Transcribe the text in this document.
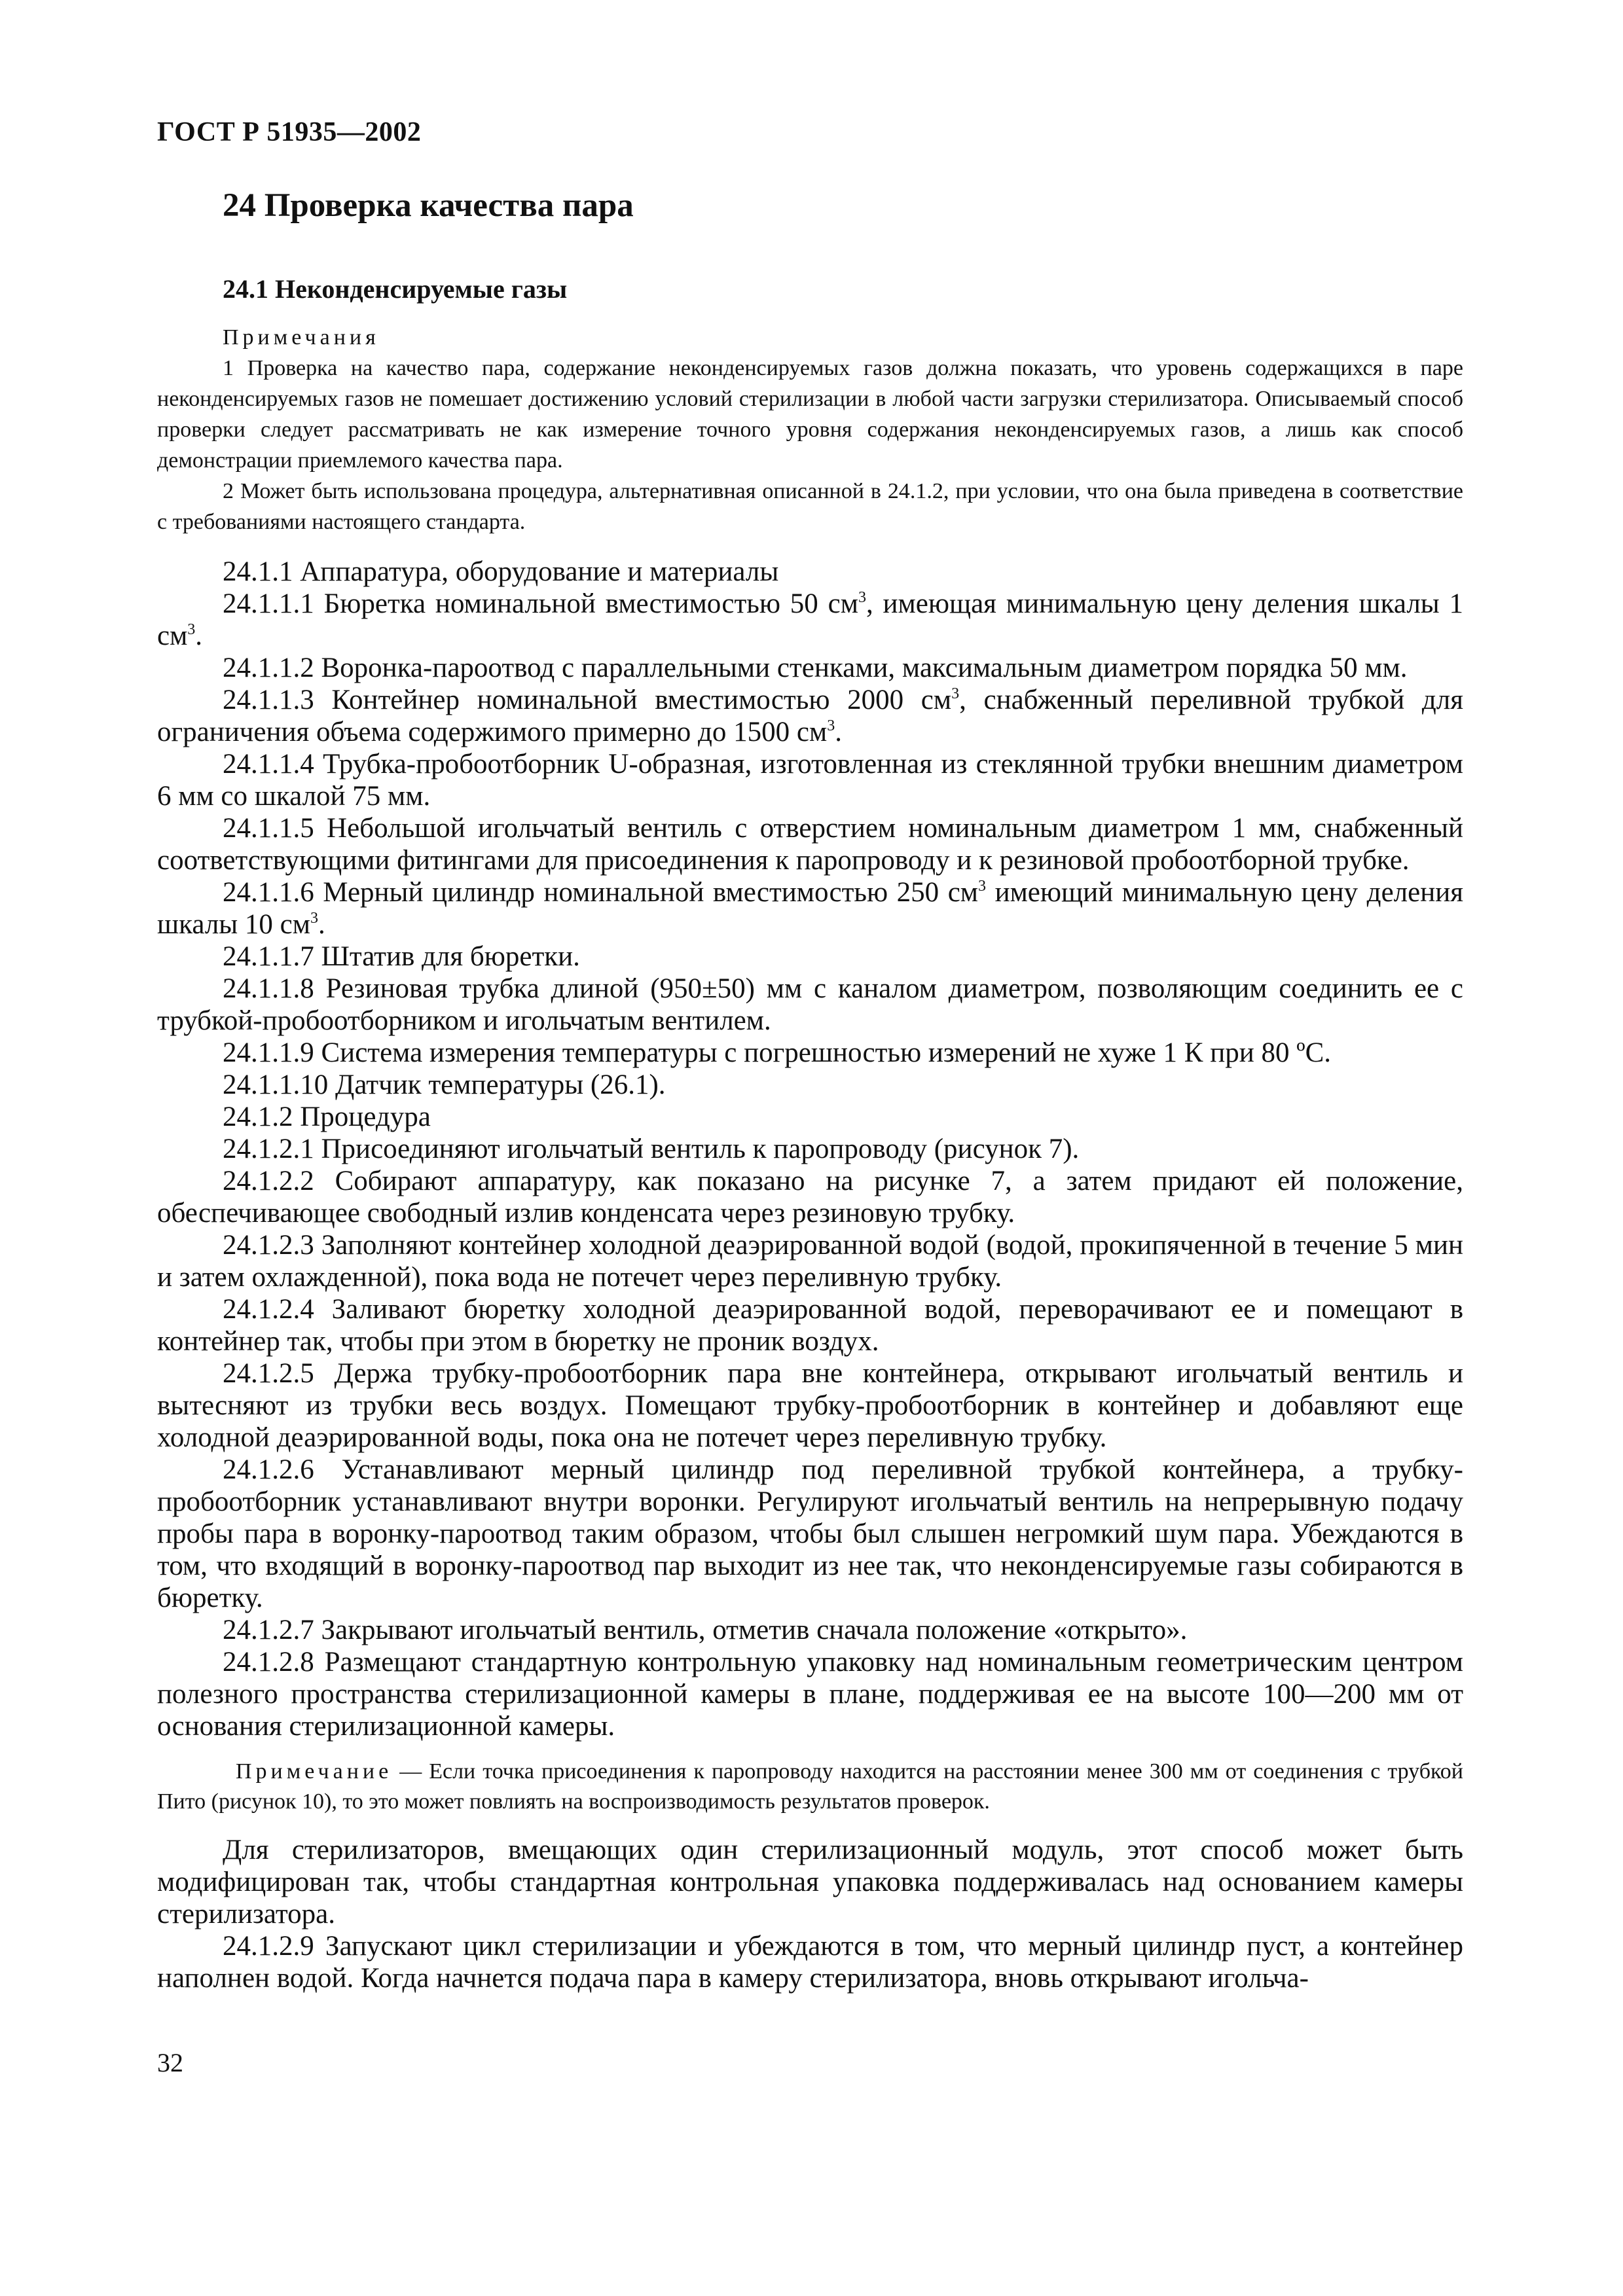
ГОСТ Р 51935—2002
24 Проверка качества пара
24.1 Неконденсируемые газы
Примечания

1 Проверка на качество пара, содержание неконденсируемых газов должна показать, что уровень содержащихся в паре неконденсируемых газов не помешает достижению условий стерилизации в любой части загрузки стерилизатора. Описываемый способ проверки следует рассматривать не как измерение точного уровня содержания неконденсируемых газов, а лишь как способ демонстрации приемлемого качества пара.

2 Может быть использована процедура, альтернативная описанной в 24.1.2, при условии, что она была приведена в соответствие с требованиями настоящего стандарта.

24.1.1 Аппаратура, оборудование и материалы

24.1.1.1 Бюретка номинальной вместимостью 50 $см^3$, имеющая минимальную цену деления шкалы 1 $см^3$.

24.1.1.2 Воронка-пароотвод с параллельными стенками, максимальным диаметром порядка 50 мм.

24.1.1.3 Контейнер номинальной вместимостью 2000 $см^3$, снабженный переливной трубкой для ограничения объема содержимого примерно до 1500 $см^3$.

24.1.1.4 Трубка-пробоотборник U-образная, изготовленная из стеклянной трубки внешним диаметром 6 мм со шкалой 75 мм.

24.1.1.5 Небольшой игольчатый вентиль с отверстием номинальным диаметром 1 мм, снабженный соответствующими фитингами для присоединения к паропроводу и к резиновой пробоотборной трубке.

24.1.1.6 Мерный цилиндр номинальной вместимостью 250 $см^3$ имеющий минимальную цену деления шкалы 10 $см^3$.

24.1.1.7 Штатив для бюретки.

24.1.1.8 Резиновая трубка длиной (950±50) мм с каналом диаметром, позволяющим соединить ее с трубкой-пробоотборником и игольчатым вентилем.

24.1.1.9 Система измерения температуры с погрешностью измерений не хуже 1 К при 80 ºС.

24.1.1.10 Датчик температуры (26.1).

24.1.2 Процедура

24.1.2.1 Присоединяют игольчатый вентиль к паропроводу (рисунок 7).

24.1.2.2 Собирают аппаратуру, как показано на рисунке 7, а затем придают ей положение, обеспечивающее свободный излив конденсата через резиновую трубку.

24.1.2.3 Заполняют контейнер холодной деаэрированной водой (водой, прокипяченной в течение 5 мин и затем охлажденной), пока вода не потечет через переливную трубку.

24.1.2.4 Заливают бюретку холодной деаэрированной водой, переворачивают ее и помещают в контейнер так, чтобы при этом в бюретку не проник воздух.

24.1.2.5 Держа трубку-пробоотборник пара вне контейнера, открывают игольчатый вентиль и вытесняют из трубки весь воздух. Помещают трубку-пробоотборник в контейнер и добавляют еще холодной деаэрированной воды, пока она не потечет через переливную трубку.

24.1.2.6 Устанавливают мерный цилиндр под переливной трубкой контейнера, а трубку-пробоотборник устанавливают внутри воронки. Регулируют игольчатый вентиль на непрерывную подачу пробы пара в воронку-пароотвод таким образом, чтобы был слышен негромкий шум пара. Убеждаются в том, что входящий в воронку-пароотвод пар выходит из нее так, что неконденсируемые газы собираются в бюретку.

24.1.2.7 Закрывают игольчатый вентиль, отметив сначала положение «открыто».

24.1.2.8 Размещают стандартную контрольную упаковку над номинальным геометрическим центром полезного пространства стерилизационной камеры в плане, поддерживая ее на высоте 100—200 мм от основания стерилизационной камеры.

Примечание — Если точка присоединения к паропроводу находится на расстоянии менее 300 мм от соединения с трубкой Пито (рисунок 10), то это может повлиять на воспроизводимость результатов проверок.

Для стерилизаторов, вмещающих один стерилизационный модуль, этот способ может быть модифицирован так, чтобы стандартная контрольная упаковка поддерживалась над основанием камеры стерилизатора.

24.1.2.9 Запускают цикл стерилизации и убеждаются в том, что мерный цилиндр пуст, а контейнер наполнен водой. Когда начнется подача пара в камеру стерилизатора, вновь открывают игольча-

32
